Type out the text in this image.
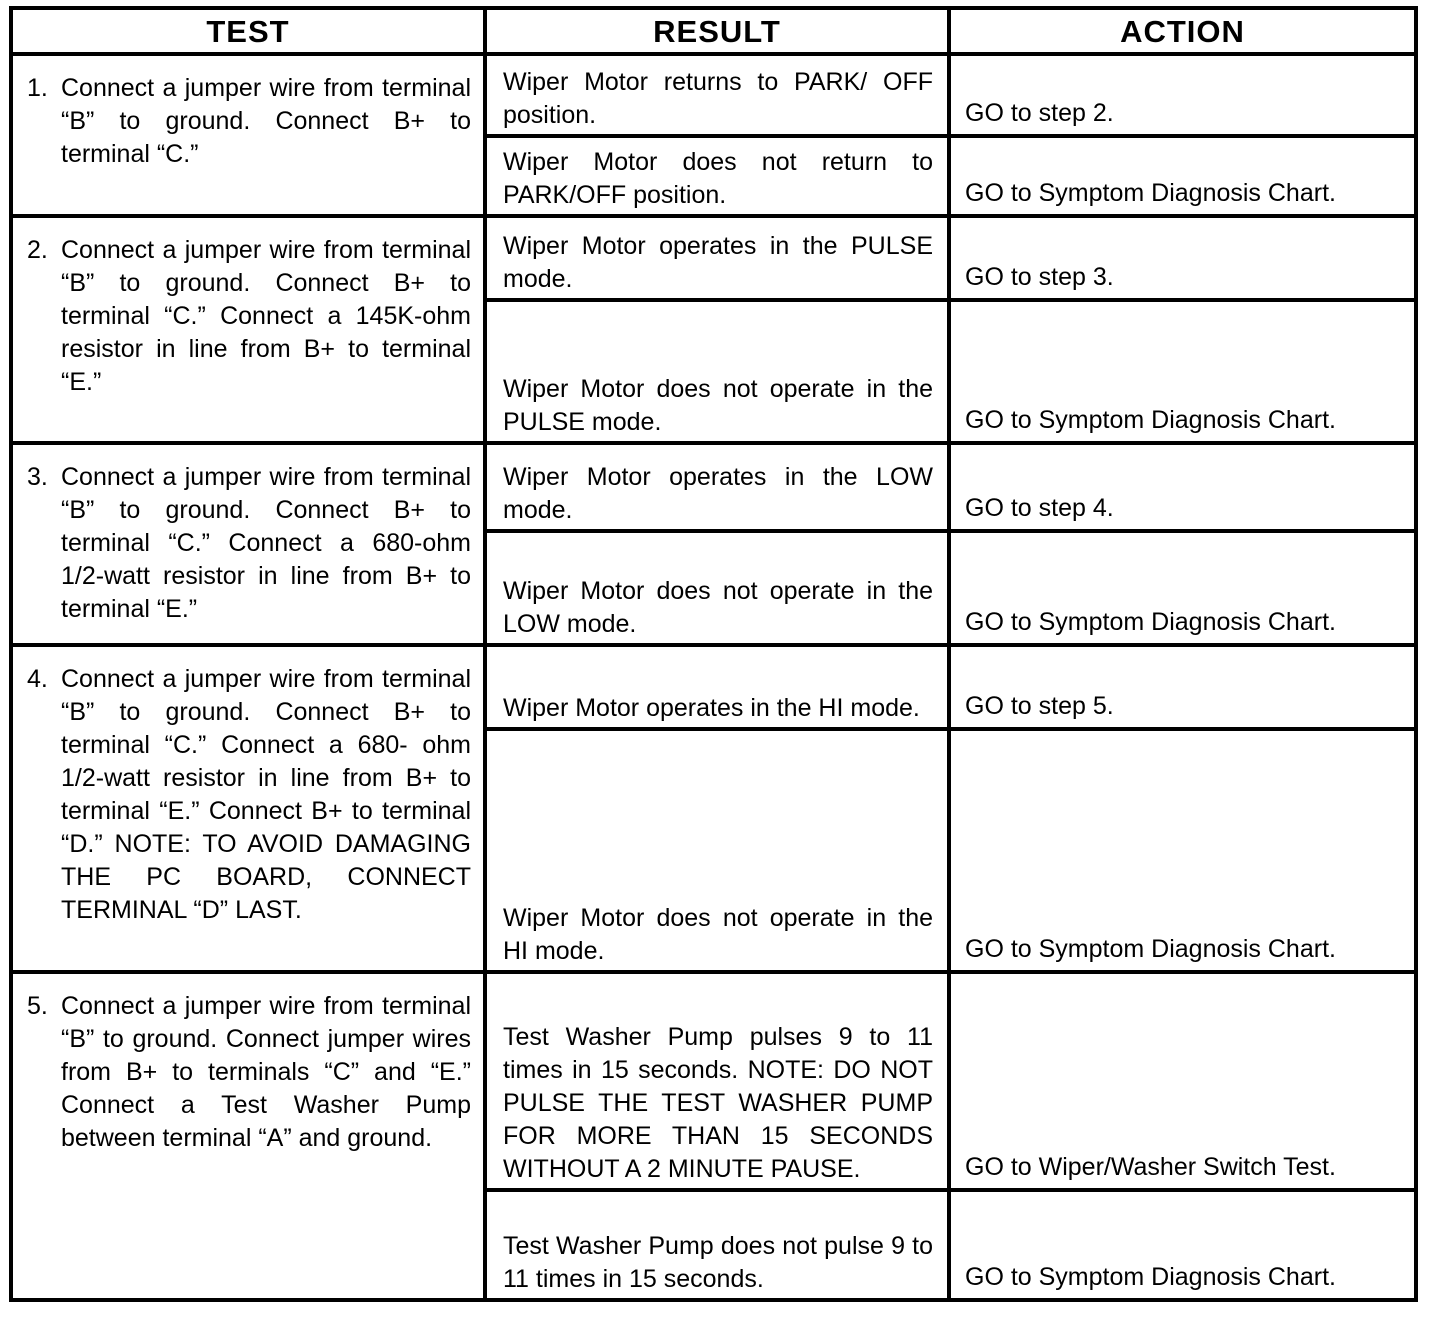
TEST	RESULT	ACTION

1. Connect a jumper wire from terminal “B” to ground. Connect B+ to terminal “C.”	Wiper Motor returns to PARK/ OFF position.	GO to step 2.
	Wiper Motor does not return to PARK/OFF position.	GO to Symptom Diagnosis Chart.

2. Connect a jumper wire from terminal “B” to ground. Connect B+ to terminal “C.” Connect a 145K-ohm resistor in line from B+ to terminal “E.”	Wiper Motor operates in the PULSE mode.	GO to step 3.
	Wiper Motor does not operate in the PULSE mode.	GO to Symptom Diagnosis Chart.

3. Connect a jumper wire from terminal “B” to ground. Connect B+ to terminal “C.” Connect a 680-ohm 1/2-watt resistor in line from B+ to terminal “E.”	Wiper Motor operates in the LOW mode.	GO to step 4.
	Wiper Motor does not operate in the LOW mode.	GO to Symptom Diagnosis Chart.

4. Connect a jumper wire from terminal “B” to ground. Connect B+ to terminal “C.” Connect a 680- ohm 1/2-watt resistor in line from B+ to terminal “E.” Connect B+ to terminal “D.” NOTE: TO AVOID DAMAGING THE PC BOARD, CONNECT TERMINAL “D” LAST.	Wiper Motor operates in the HI mode.	GO to step 5.
	Wiper Motor does not operate in the HI mode.	GO to Symptom Diagnosis Chart.

5. Connect a jumper wire from terminal “B” to ground. Connect jumper wires from B+ to terminals “C” and “E.” Connect a Test Washer Pump between terminal “A” and ground.	Test Washer Pump pulses 9 to 11 times in 15 seconds. NOTE: DO NOT PULSE THE TEST WASHER PUMP FOR MORE THAN 15 SECONDS WITHOUT A 2 MINUTE PAUSE.	GO to Wiper/Washer Switch Test.
	Test Washer Pump does not pulse 9 to 11 times in 15 seconds.	GO to Symptom Diagnosis Chart.
